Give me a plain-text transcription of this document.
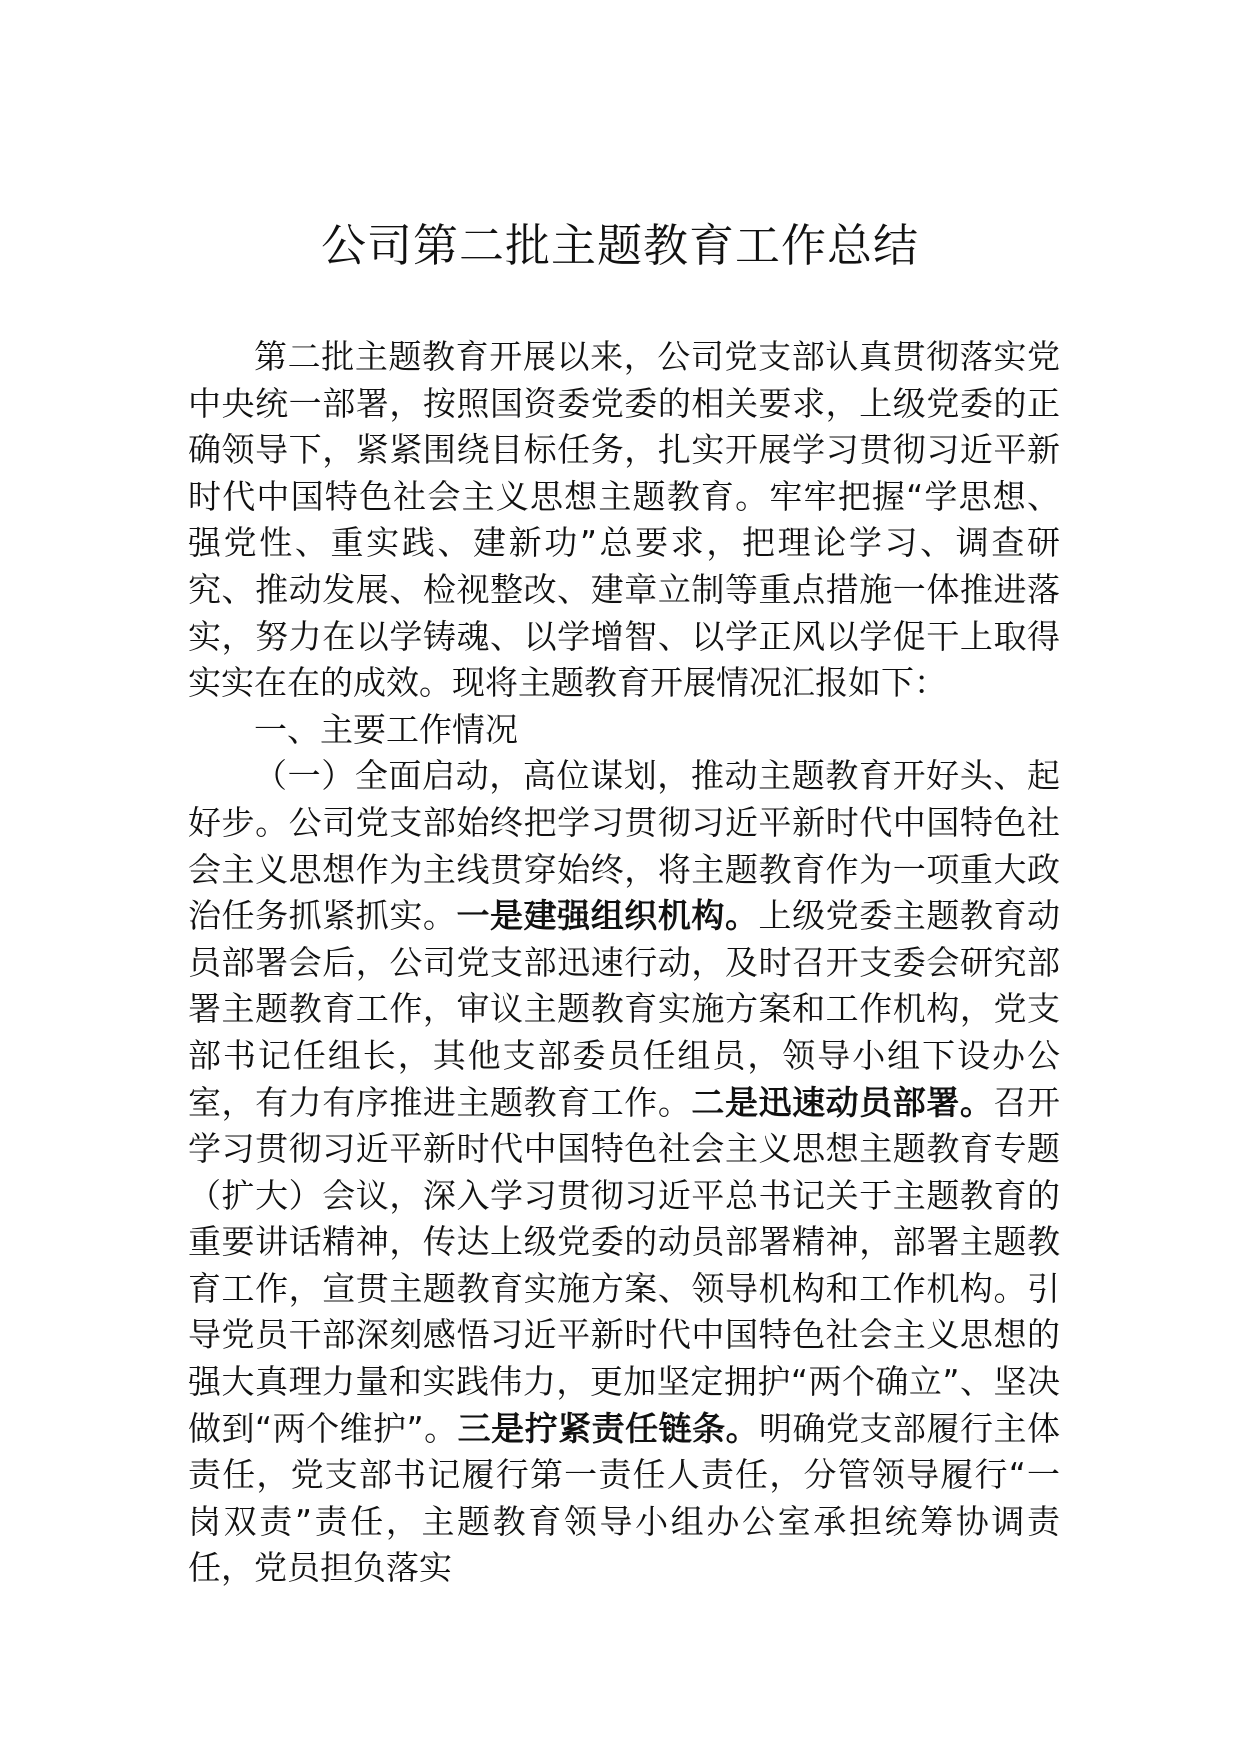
公司第二批主题教育工作总结

第二批主题教育开展以来，公司党支部认真贯彻落实党中央统一部署，按照国资委党委的相关要求，上级党委的正确领导下，紧紧围绕目标任务，扎实开展学习贯彻习近平新时代中国特色社会主义思想主题教育。牢牢把握“学思想、强党性、重实践、建新功”总要求，把理论学习、调查研究、推动发展、检视整改、建章立制等重点措施一体推进落实，努力在以学铸魂、以学增智、以学正风以学促干上取得实实在在的成效。现将主题教育开展情况汇报如下：

一、主要工作情况

（一）全面启动，高位谋划，推动主题教育开好头、起好步。公司党支部始终把学习贯彻习近平新时代中国特色社会主义思想作为主线贯穿始终，将主题教育作为一项重大政治任务抓紧抓实。一是建强组织机构。上级党委主题教育动员部署会后，公司党支部迅速行动，及时召开支委会研究部署主题教育工作，审议主题教育实施方案和工作机构，党支部书记任组长，其他支部委员任组员，领导小组下设办公室，有力有序推进主题教育工作。二是迅速动员部署。召开学习贯彻习近平新时代中国特色社会主义思想主题教育专题（扩大）会议，深入学习贯彻习近平总书记关于主题教育的重要讲话精神，传达上级党委的动员部署精神，部署主题教育工作，宣贯主题教育实施方案、领导机构和工作机构。引导党员干部深刻感悟习近平新时代中国特色社会主义思想的强大真理力量和实践伟力，更加坚定拥护“两个确立”、坚决做到“两个维护”。三是拧紧责任链条。明确党支部履行主体责任，党支部书记履行第一责任人责任，分管领导履行“一岗双责”责任，主题教育领导小组办公室承担统筹协调责任，党员担负落实
